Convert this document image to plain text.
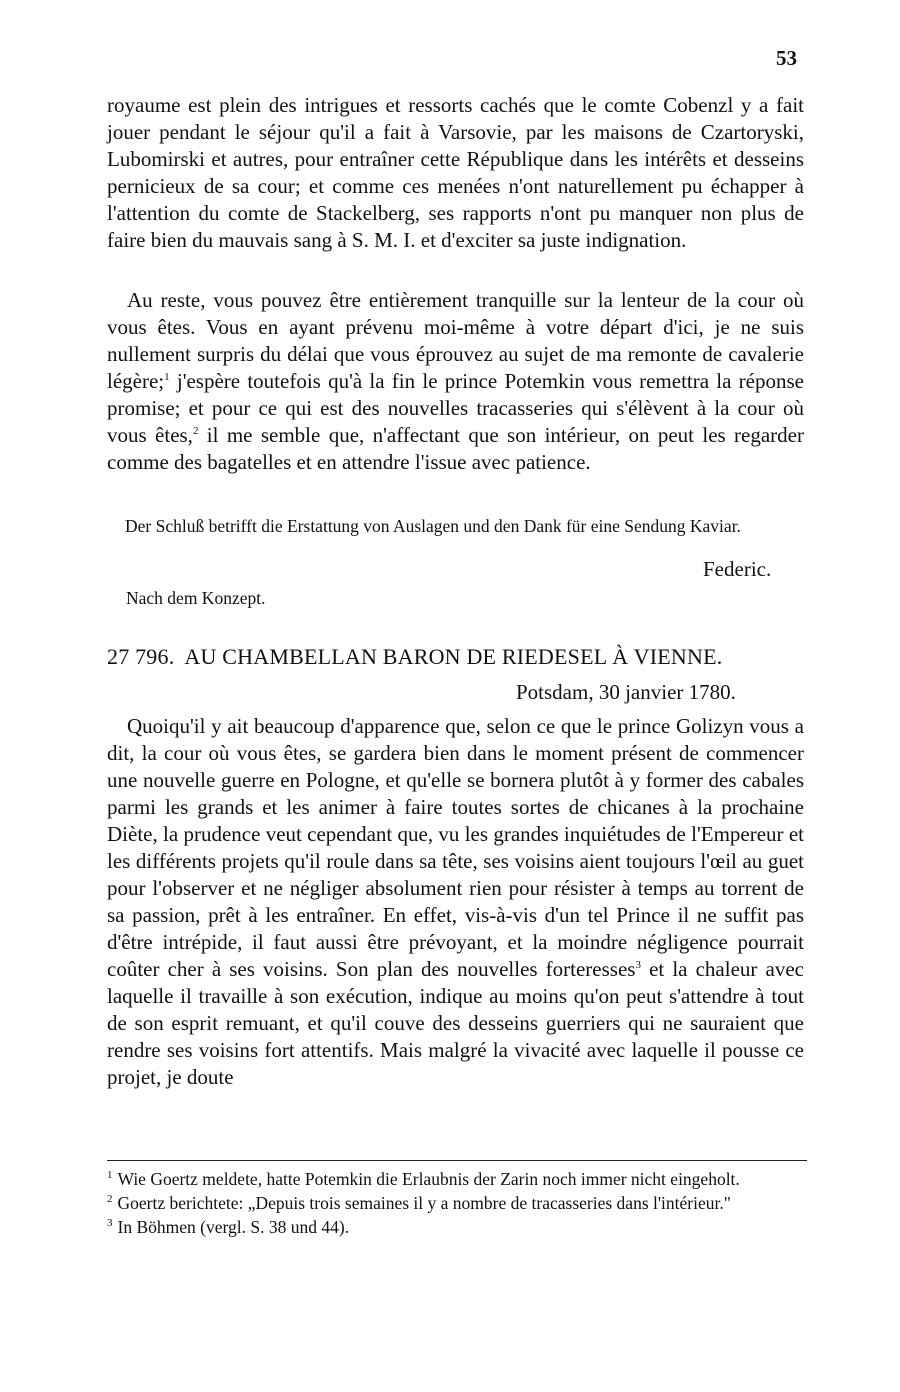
53
royaume est plein des intrigues et ressorts cachés que le comte Cobenzl y a fait jouer pendant le séjour qu'il a fait à Varsovie, par les maisons de Czartoryski, Lubomirski et autres, pour entraîner cette République dans les intérêts et desseins pernicieux de sa cour; et comme ces menées n'ont naturellement pu échapper à l'attention du comte de Stackelberg, ses rapports n'ont pu manquer non plus de faire bien du mauvais sang à S. M. I. et d'exciter sa juste indignation.
Au reste, vous pouvez être entièrement tranquille sur la lenteur de la cour où vous êtes. Vous en ayant prévenu moi-même à votre départ d'ici, je ne suis nullement surpris du délai que vous éprouvez au sujet de ma remonte de cavalerie légère;$^1$ j'espère toutefois qu'à la fin le prince Potemkin vous remettra la réponse promise; et pour ce qui est des nouvelles tracasseries qui s'élèvent à la cour où vous êtes,$^2$ il me semble que, n'affectant que son intérieur, on peut les regarder comme des bagatelles et en attendre l'issue avec patience.
Der Schluß betrifft die Erstattung von Auslagen und den Dank für eine Sendung Kaviar.
Federic.
Nach dem Konzept.
27 796. AU CHAMBELLAN BARON DE RIEDESEL À VIENNE.
Potsdam, 30 janvier 1780.
Quoiqu'il y ait beaucoup d'apparence que, selon ce que le prince Golizyn vous a dit, la cour où vous êtes, se gardera bien dans le moment présent de commencer une nouvelle guerre en Pologne, et qu'elle se bornera plutôt à y former des cabales parmi les grands et les animer à faire toutes sortes de chicanes à la prochaine Diète, la prudence veut cependant que, vu les grandes inquiétudes de l'Empereur et les différents projets qu'il roule dans sa tête, ses voisins aient toujours l'œil au guet pour l'observer et ne négliger absolument rien pour résister à temps au torrent de sa passion, prêt à les entraîner. En effet, vis-à-vis d'un tel Prince il ne suffit pas d'être intrépide, il faut aussi être prévoyant, et la moindre négligence pourrait coûter cher à ses voisins. Son plan des nouvelles forteresses$^3$ et la chaleur avec laquelle il travaille à son exécution, indique au moins qu'on peut s'attendre à tout de son esprit remuant, et qu'il couve des desseins guerriers qui ne sauraient que rendre ses voisins fort attentifs. Mais malgré la vivacité avec laquelle il pousse ce projet, je doute

$^1$ Wie Goertz meldete, hatte Potemkin die Erlaubnis der Zarin noch immer nicht eingeholt.

$^2$ Goertz berichtete: „Depuis trois semaines il y a nombre de tracasseries dans l'intérieur."

$^3$ In Böhmen (vergl. S. 38 und 44).
